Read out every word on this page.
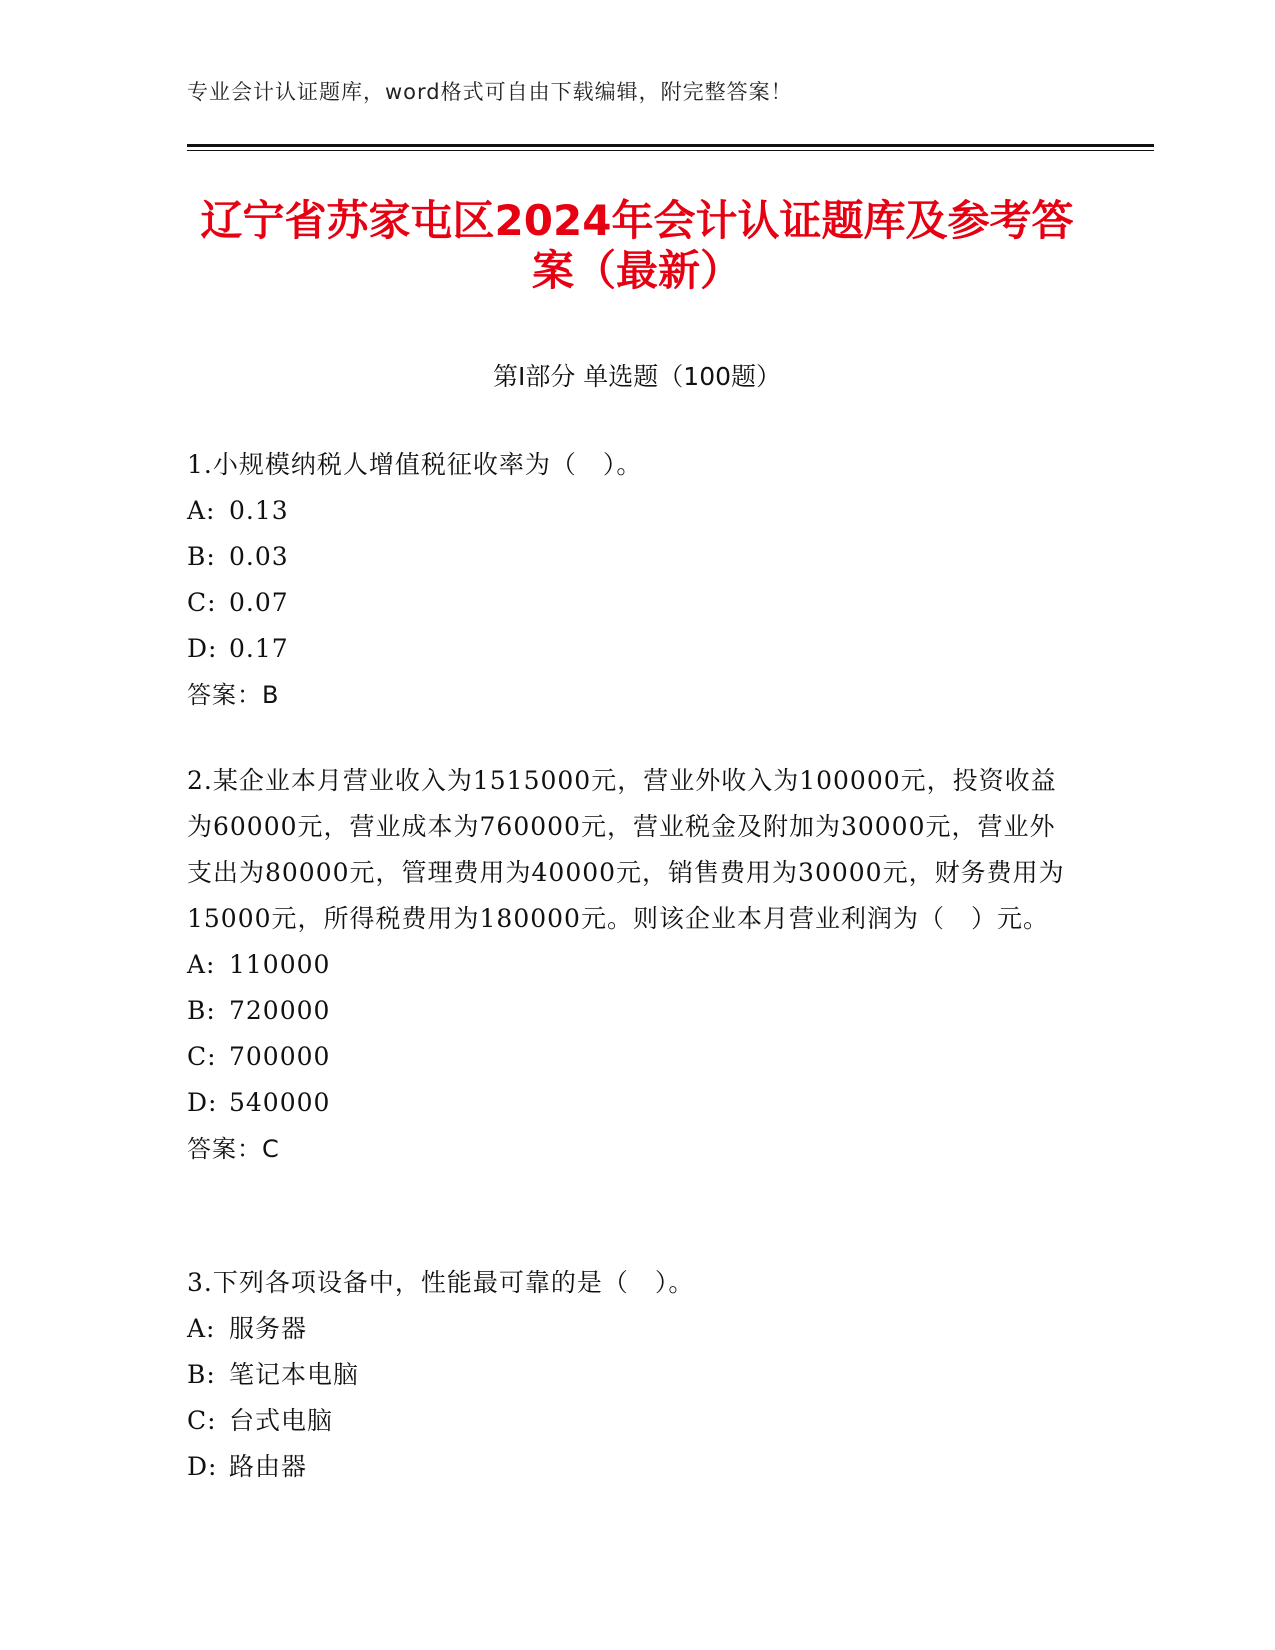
专业会计认证题库，word格式可自由下载编辑，附完整答案！
辽宁省苏家屯区2024年会计认证题库及参考答案（最新）
第Ⅰ部分 单选题（100题）
1.小规模纳税人增值税征收率为（　）。
A: 0.13
B: 0.03
C: 0.07
D: 0.17
答案：B
2.某企业本月营业收入为1515000元，营业外收入为100000元，投资收益为60000元，营业成本为760000元，营业税金及附加为30000元，营业外支出为80000元，管理费用为40000元，销售费用为30000元，财务费用为15000元，所得税费用为180000元。则该企业本月营业利润为（　）元。
A: 110000
B: 720000
C: 700000
D: 540000
答案：C
3.下列各项设备中，性能最可靠的是（　）。
A: 服务器
B: 笔记本电脑
C: 台式电脑
D: 路由器
